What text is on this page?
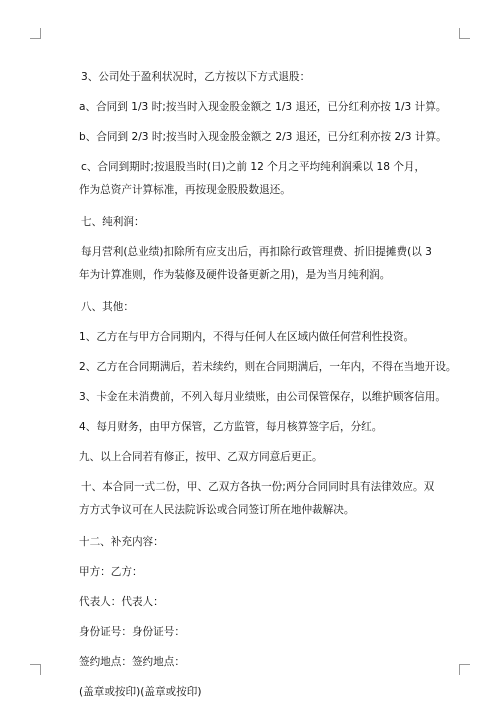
3、公司处于盈利状况时，乙方按以下方式退股：

a、合同到 1/3 时;按当时入现金股金额之 1/3 退还，已分红利亦按 1/3 计算。

b、合同到 2/3 时;按当时入现金股金额之 2/3 退还，已分红利亦按 2/3 计算。

c、合同到期时;按退股当时(日)之前 12 个月之平均纯利润乘以 18 个月，作为总资产计算标准，再按现金股股数退还。

七、纯利润：

每月营利(总业绩)扣除所有应支出后，再扣除行政管理费、折旧提摊费(以 3 年为计算准则，作为装修及硬件设备更新之用)，是为当月纯利润。

八、其他：

1、乙方在与甲方合同期内，不得与任何人在区域内做任何营利性投资。

2、乙方在合同期满后，若未续约，则在合同期满后，一年内，不得在当地开设。

3、卡金在未消费前，不列入每月业绩账，由公司保管保存，以维护顾客信用。

4、每月财务，由甲方保管，乙方监管，每月核算签字后，分红。

九、以上合同若有修正，按甲、乙双方同意后更正。

十、本合同一式二份，甲、乙双方各执一份;两分合同同时具有法律效应。双方方式争议可在人民法院诉讼或合同签订所在地仲裁解决。

十二、补充内容：

甲方：乙方：

代表人：代表人：

身份证号：身份证号：

签约地点：签约地点：

(盖章或按印)(盖章或按印)
